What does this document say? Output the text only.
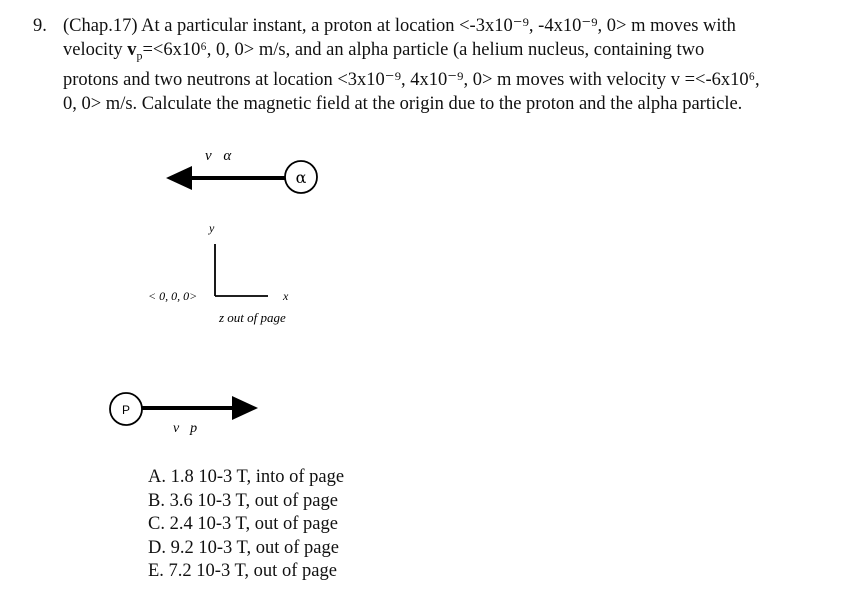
9. (Chap.17) At a particular instant, a proton at location <-3x10⁻⁹, -4x10⁻⁹, 0> m moves with
velocity $v_p=<6x10^6$, 0, 0> m/s, and an alpha particle (a helium nucleus, containing two
protons and two neutrons at location <3x10⁻⁹, 4x10⁻⁹, 0> m moves with velocity v =<-6x10⁶,
0, 0> m/s. Calculate the magnetic field at the origin due to the proton and the alpha particle.
v⃗α
α
y
x
< 0, 0, 0>
z out of page
P
v⃗p
A. 1.8 10-3 T, into of page
B. 3.6 10-3 T, out of page
C. 2.4 10-3 T, out of page
D. 9.2 10-3 T, out of page
E. 7.2 10-3 T, out of page
